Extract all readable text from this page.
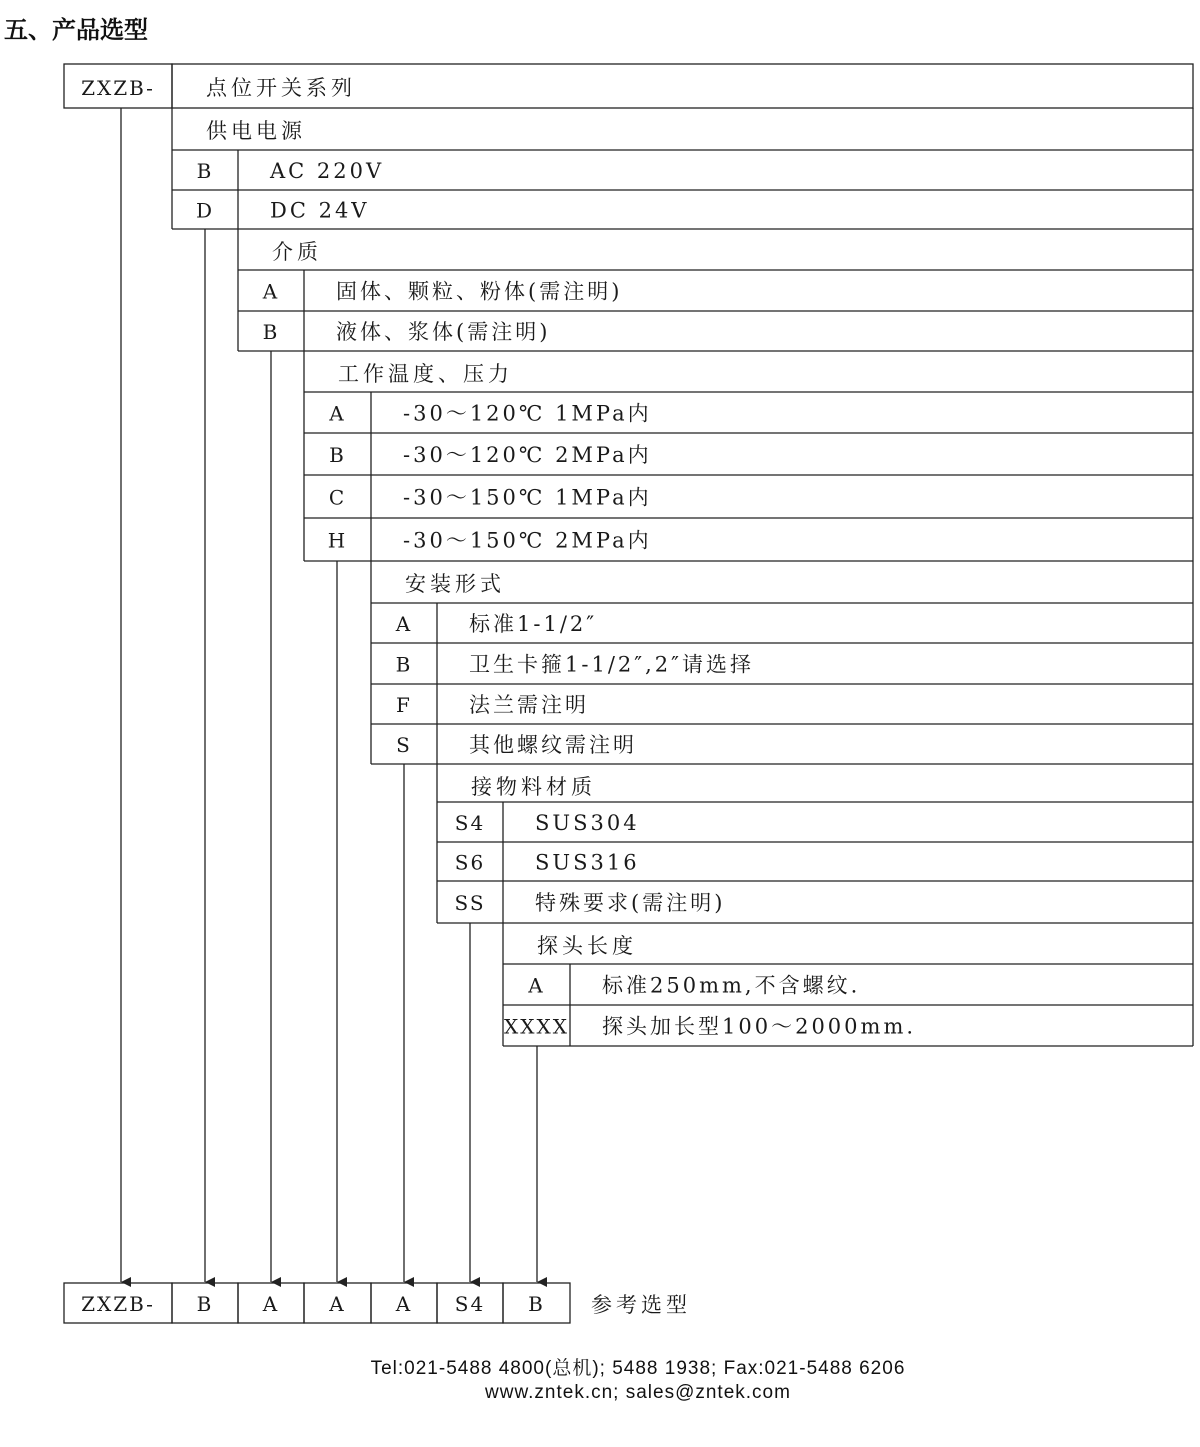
五、产品选型
ZXZB- 点位开关系列
供电电源
B	AC 220V
D	DC 24V
介质
A	固体、颗粒、粉体(需注明)
B	液体、浆体(需注明)
工作温度、压力
A	-30～120℃ 1MPa内
B	-30～120℃ 2MPa内
C	-30～150℃ 1MPa内
H	-30～150℃ 2MPa内
安装形式
A	标准1-1/2″
B	卫生卡箍1-1/2″,2″请选择
F	法兰需注明
S	其他螺纹需注明
接物料材质
S4 SUS304
S6 SUS316
SS 特殊要求(需注明)
探头长度
A	标准250mm,不含螺纹.
XXXX 探头加长型100～2000mm.
ZXZB- B A	A	A S4 B 参考选型
Tel:021-5488 4800(总机); 5488 1938; Fax:021-5488 6206
www.zntek.cn; sales@zntek.com
